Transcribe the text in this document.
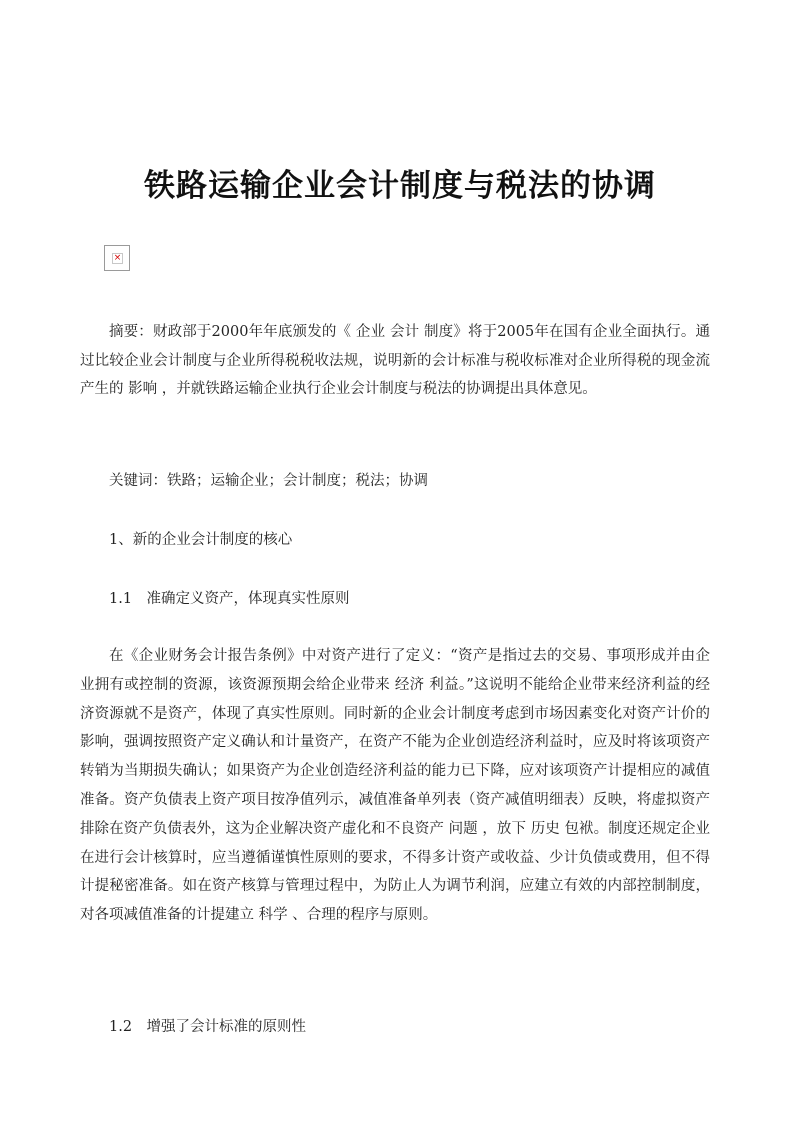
铁路运输企业会计制度与税法的协调
×

摘要：财政部于2000年年底颁发的《 企业 会计 制度》将于2005年在国有企业全面执行。通过比较企业会计制度与企业所得税税收法规，说明新的会计标准与税收标准对企业所得税的现金流产生的 影响 ，并就铁路运输企业执行企业会计制度与税法的协调提出具体意见。

关键词：铁路；运输企业；会计制度；税法；协调

1、新的企业会计制度的核心

1.1　准确定义资产，体现真实性原则

在《企业财务会计报告条例》中对资产进行了定义：“资产是指过去的交易、事项形成并由企业拥有或控制的资源，该资源预期会给企业带来 经济 利益。”这说明不能给企业带来经济利益的经济资源就不是资产，体现了真实性原则。同时新的企业会计制度考虑到市场因素变化对资产计价的影响，强调按照资产定义确认和计量资产，在资产不能为企业创造经济利益时，应及时将该项资产转销为当期损失确认；如果资产为企业创造经济利益的能力已下降，应对该项资产计提相应的减值准备。资产负债表上资产项目按净值列示，减值准备单列表（资产减值明细表）反映，将虚拟资产排除在资产负债表外，这为企业解决资产虚化和不良资产 问题 ，放下 历史 包袱。制度还规定企业在进行会计核算时，应当遵循谨慎性原则的要求，不得多计资产或收益、少计负债或费用，但不得计提秘密准备。如在资产核算与管理过程中，为防止人为调节利润，应建立有效的内部控制制度，对各项减值准备的计提建立 科学 、合理的程序与原则。

1.2　增强了会计标准的原则性
